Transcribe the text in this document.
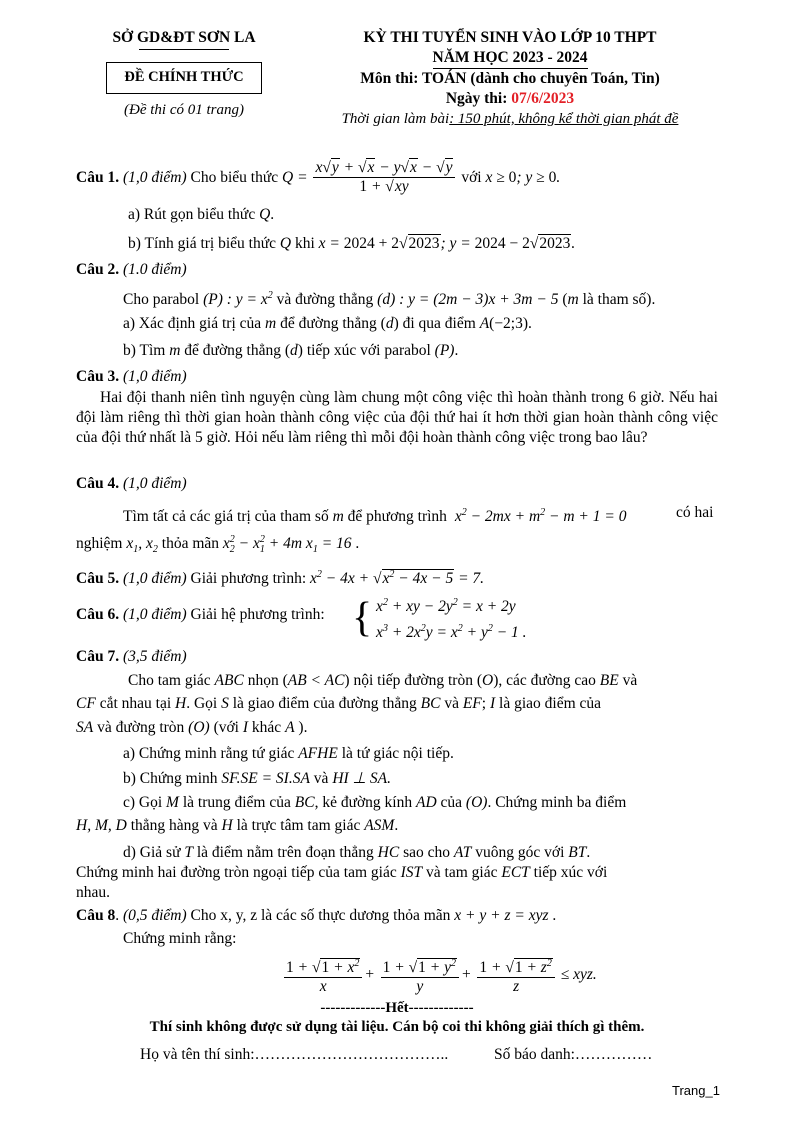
SỞ GD&ĐT SƠN LA
ĐỀ CHÍNH THỨC
(Đề thi có 01 trang)
KỲ THI TUYỂN SINH VÀO LỚP 10 THPT
NĂM HỌC 2023 - 2024
Môn thi: TOÁN (dành cho chuyên Toán, Tin)
Ngày thi: 07/6/2023
Thời gian làm bài: 150 phút, không kể thời gian phát đề
Câu 1. (1,0 điểm) Cho biểu thức $Q = \frac{x√y + √x - y√x - √y}{1 + √xy}$ với x ≥ 0; y ≥ 0.
a) Rút gọn biểu thức Q.
b) Tính giá trị biểu thức Q khi x = 2024 + 2√2023; y = 2024 − 2√2023.
Câu 2. (1.0 điểm)
Cho parabol (P) : $y = x^2$ và đường thẳng (d) : y = (2m − 3)x + 3m − 5 (m là tham số).
a) Xác định giá trị của m để đường thẳng (d) đi qua điểm A(−2;3).
b) Tìm m để đường thẳng (d) tiếp xúc với parabol (P).
Câu 3. (1,0 điểm)
Hai đội thanh niên tình nguyện cùng làm chung một công việc thì hoàn thành trong 6 giờ. Nếu hai đội làm riêng thì thời gian hoàn thành công việc của đội thứ hai ít hơn thời gian hoàn thành công việc của đội thứ nhất là 5 giờ. Hỏi nếu làm riêng thì mỗi đội hoàn thành công việc trong bao lâu?
Câu 4. (1,0 điểm)
Tìm tất cả các giá trị của tham số m để phương trình $x^2 - 2mx + m^2 - m + 1 = 0$	có hai
nghiệm $x_1$, $x_2$ thỏa mãn $x_2^2 - x_1^2 + 4m$ $x_1 = 16$ .
Câu 5. (1,0 điểm) Giải phương trình: $x^2 - 4x + √x^2 - 4x - 5 = 7$.
Câu 6. (1,0 điểm) Giải hệ phương trình: { $x^2$ + xy − $2y^2 = x + 2y$
$x^3 + 2x^2y = x^2 + y^2 - 1$ .
Câu 7. (3,5 điểm)
Cho tam giác ABC nhọn (AB < AC) nội tiếp đường tròn (O), các đường cao BE và
CF cắt nhau tại H. Gọi S là giao điểm của đường thẳng BC và EF; I là giao điểm của
SA và đường tròn (O) (với I khác A ).
a) Chứng minh rằng tứ giác AFHE là tứ giác nội tiếp.
b) Chứng minh SF.SE = SI.SA và HI ⊥ SA.
c) Gọi M là trung điểm của BC, kẻ đường kính AD của (O). Chứng minh ba điểm
H, M, D thẳng hàng và H là trực tâm tam giác ASM.
d) Giả sử T là điểm nằm trên đoạn thẳng HC sao cho AT vuông góc với BT.
Chứng minh hai đường tròn ngoại tiếp của tam giác IST và tam giác ECT tiếp xúc với
nhau.
Câu 8. (0,5 điểm) Cho x, y, z là các số thực dương thỏa mãn x + y + z = xyz .
Chứng minh rằng:
$\frac{1 + √1 + x^2}{x} + \frac{1 + √1 + y^2}{y} + \frac{1 + √1 + z^2}{z}$ ≤ xyz.
-------------Hết-------------
Thí sinh không được sử dụng tài liệu. Cán bộ coi thi không giải thích gì thêm.
Họ và tên thí sinh:………………………………..	Số báo danh:……………
Trang_1
